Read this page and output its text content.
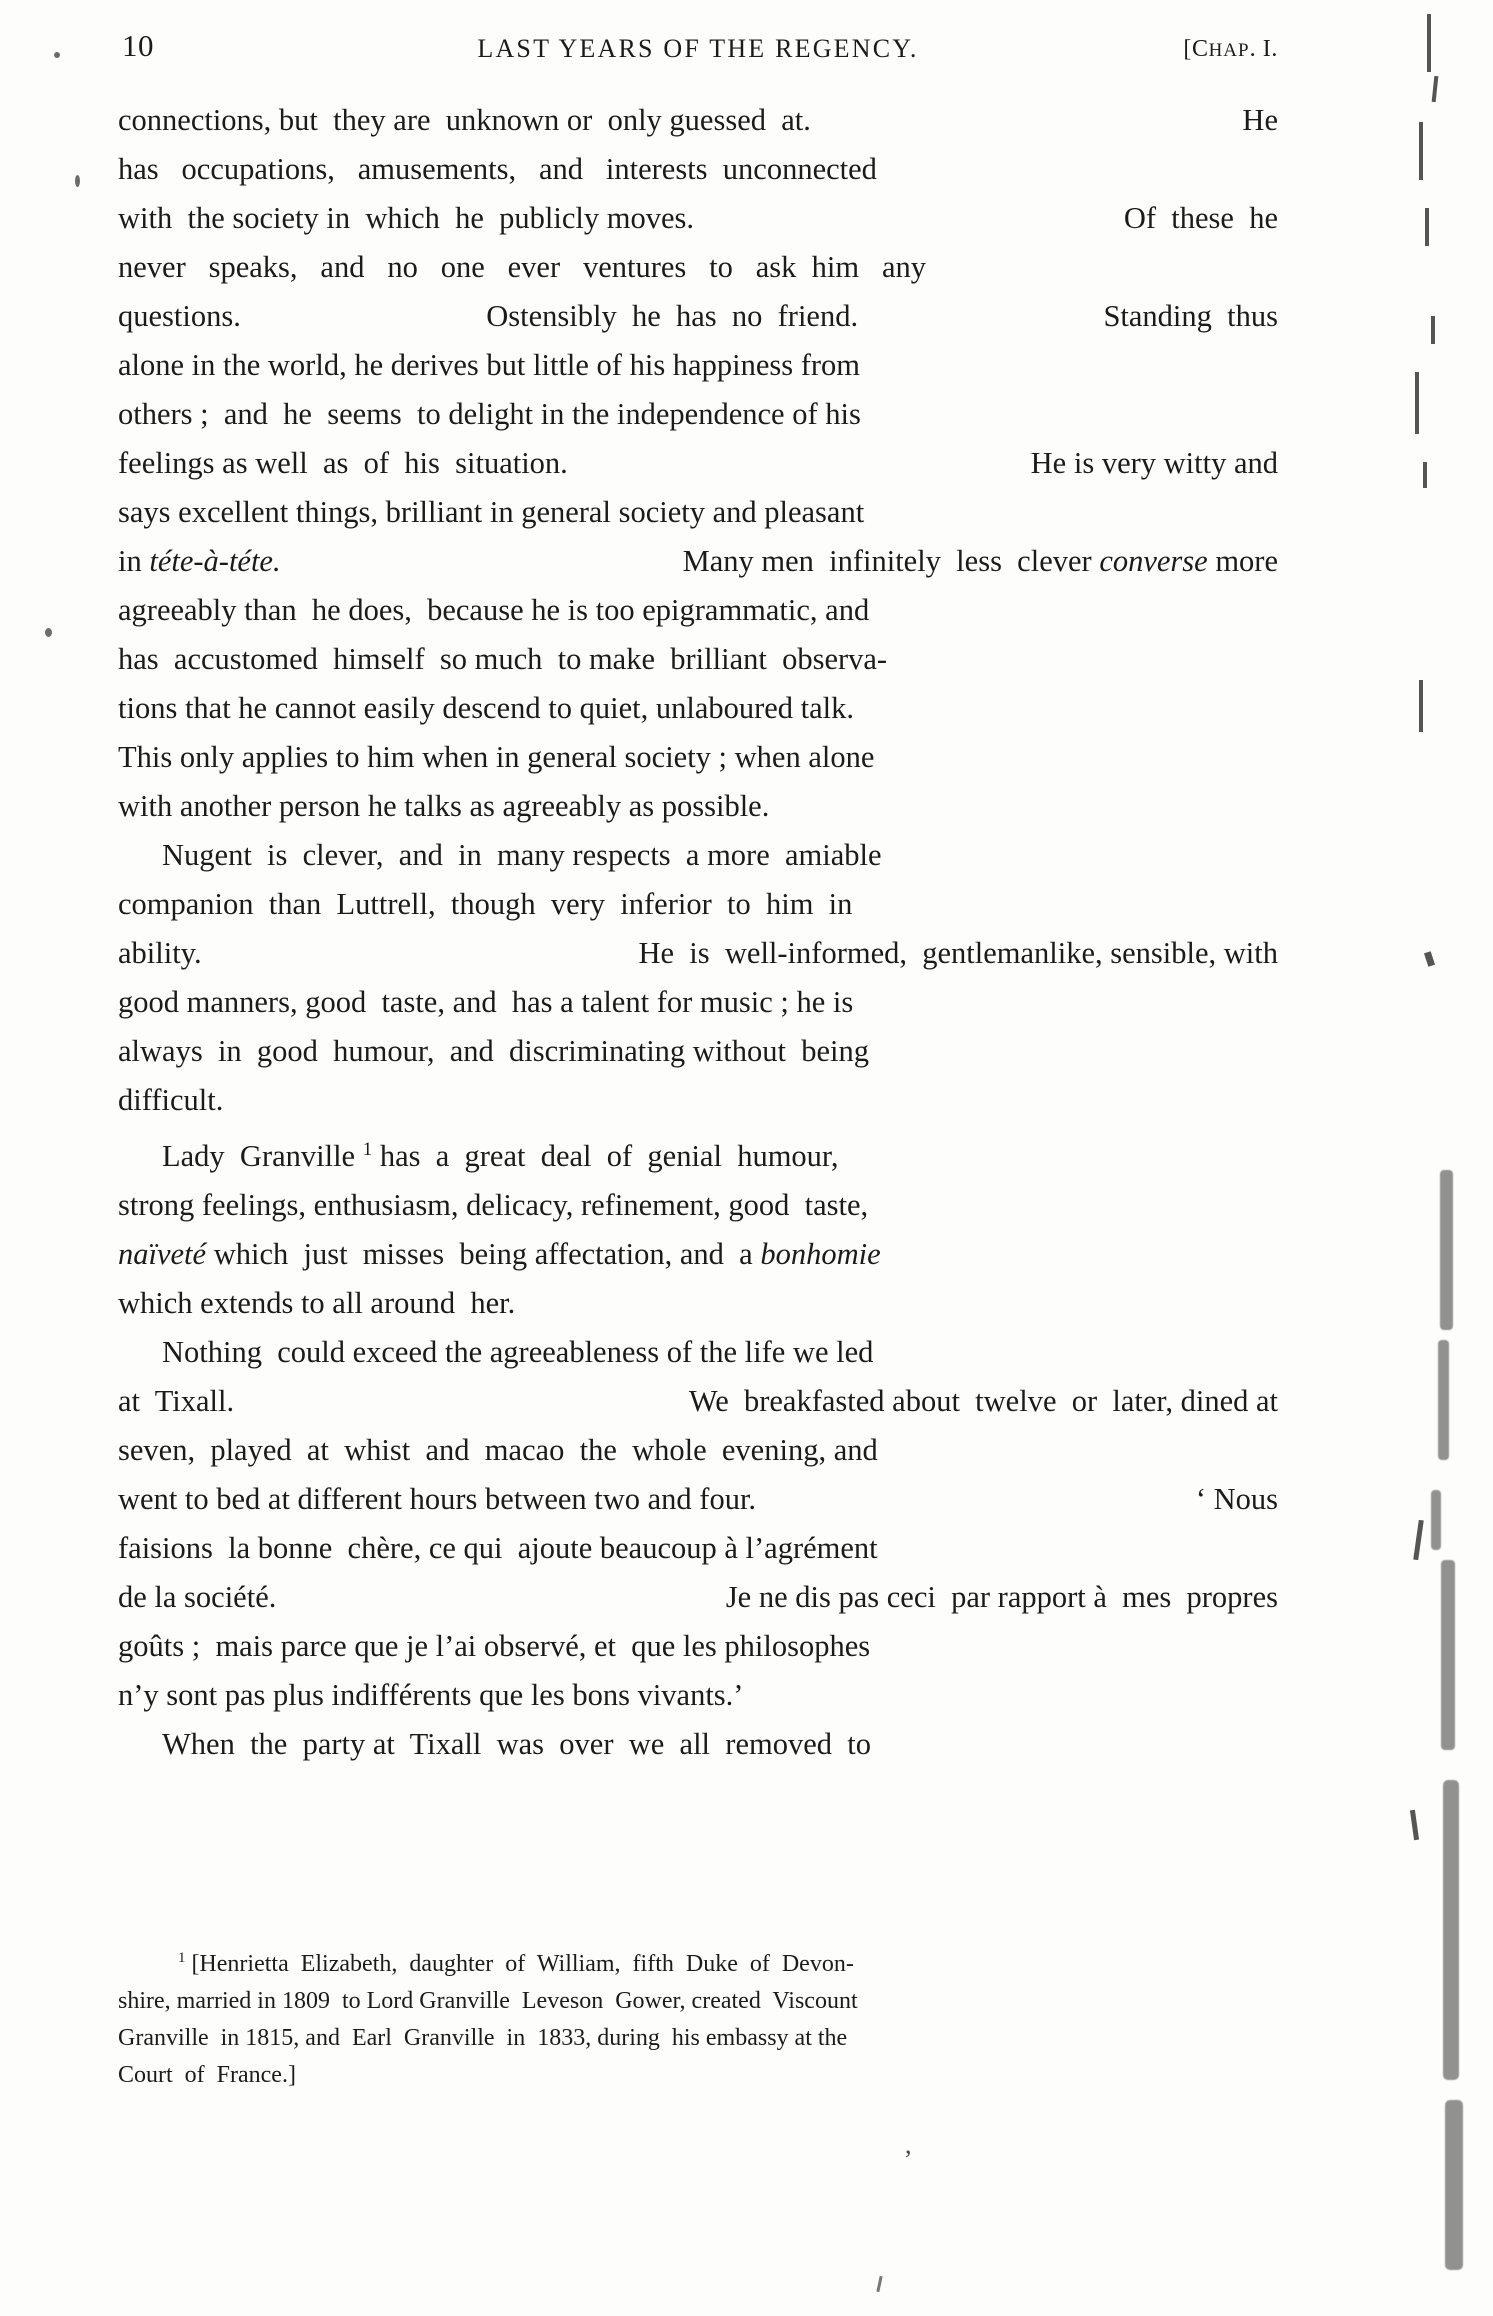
10	LAST YEARS OF THE REGENCY.	[CHAP. I.
connections, but  they are  unknown or  only guessed  at.	He
has   occupations,   amusements,   and   interests  unconnected
with  the society in  which  he  publicly moves.	Of  these  he
never   speaks,   and   no   one   ever   ventures   to   ask  him   any
questions.	Ostensibly  he  has  no  friend.	Standing  thus
alone in the world, he derives but little of his happiness from
others ;  and  he  seems  to delight in the independence of his
feelings as well  as  of  his  situation.	He is very witty and
says excellent things, brilliant in general society and pleasant
in téte-à-téte.	Many men  infinitely  less  clever converse more
agreeably than  he does,  because he is too epigrammatic, and
has  accustomed  himself  so much  to make  brilliant  observa-
tions that he cannot easily descend to quiet, unlaboured talk.
This only applies to him when in general society ; when alone
with another person he talks as agreeably as possible.
Nugent  is  clever,  and  in  many respects  a more  amiable
companion  than  Luttrell,  though  very  inferior  to  him  in
ability.	He  is  well-informed,  gentlemanlike, sensible, with
good manners, good  taste, and  has a talent for music ; he is
always  in  good  humour,  and  discriminating without  being
difficult.
Lady  Granville $^1$ has  a  great  deal  of  genial  humour,
strong feelings, enthusiasm, delicacy, refinement, good  taste,
naïveté which  just  misses  being affectation, and  a bonhomie
which extends to all around  her.
Nothing  could exceed the agreeableness of the life we led
at  Tixall.	We  breakfasted about  twelve  or  later, dined at
seven,  played  at  whist  and  macao  the  whole  evening, and
went to bed at different hours between two and four.	‘ Nous
faisions  la bonne  chère, ce qui  ajoute beaucoup à l’agrément
de la société.	Je ne dis pas ceci  par rapport à  mes  propres
goûts ;  mais parce que je l’ai observé, et  que les philosophes
n’y sont pas plus indifférents que les bons vivants.’
When  the  party at  Tixall  was  over  we  all  removed  to
$^1$ [Henrietta  Elizabeth,  daughter  of  William,  fifth  Duke  of  Devon-
shire, married in 1809  to Lord Granville  Leveson  Gower, created  Viscount
Granville  in 1815, and  Earl  Granville  in  1833, during  his embassy at the
Court  of  France.]
,
